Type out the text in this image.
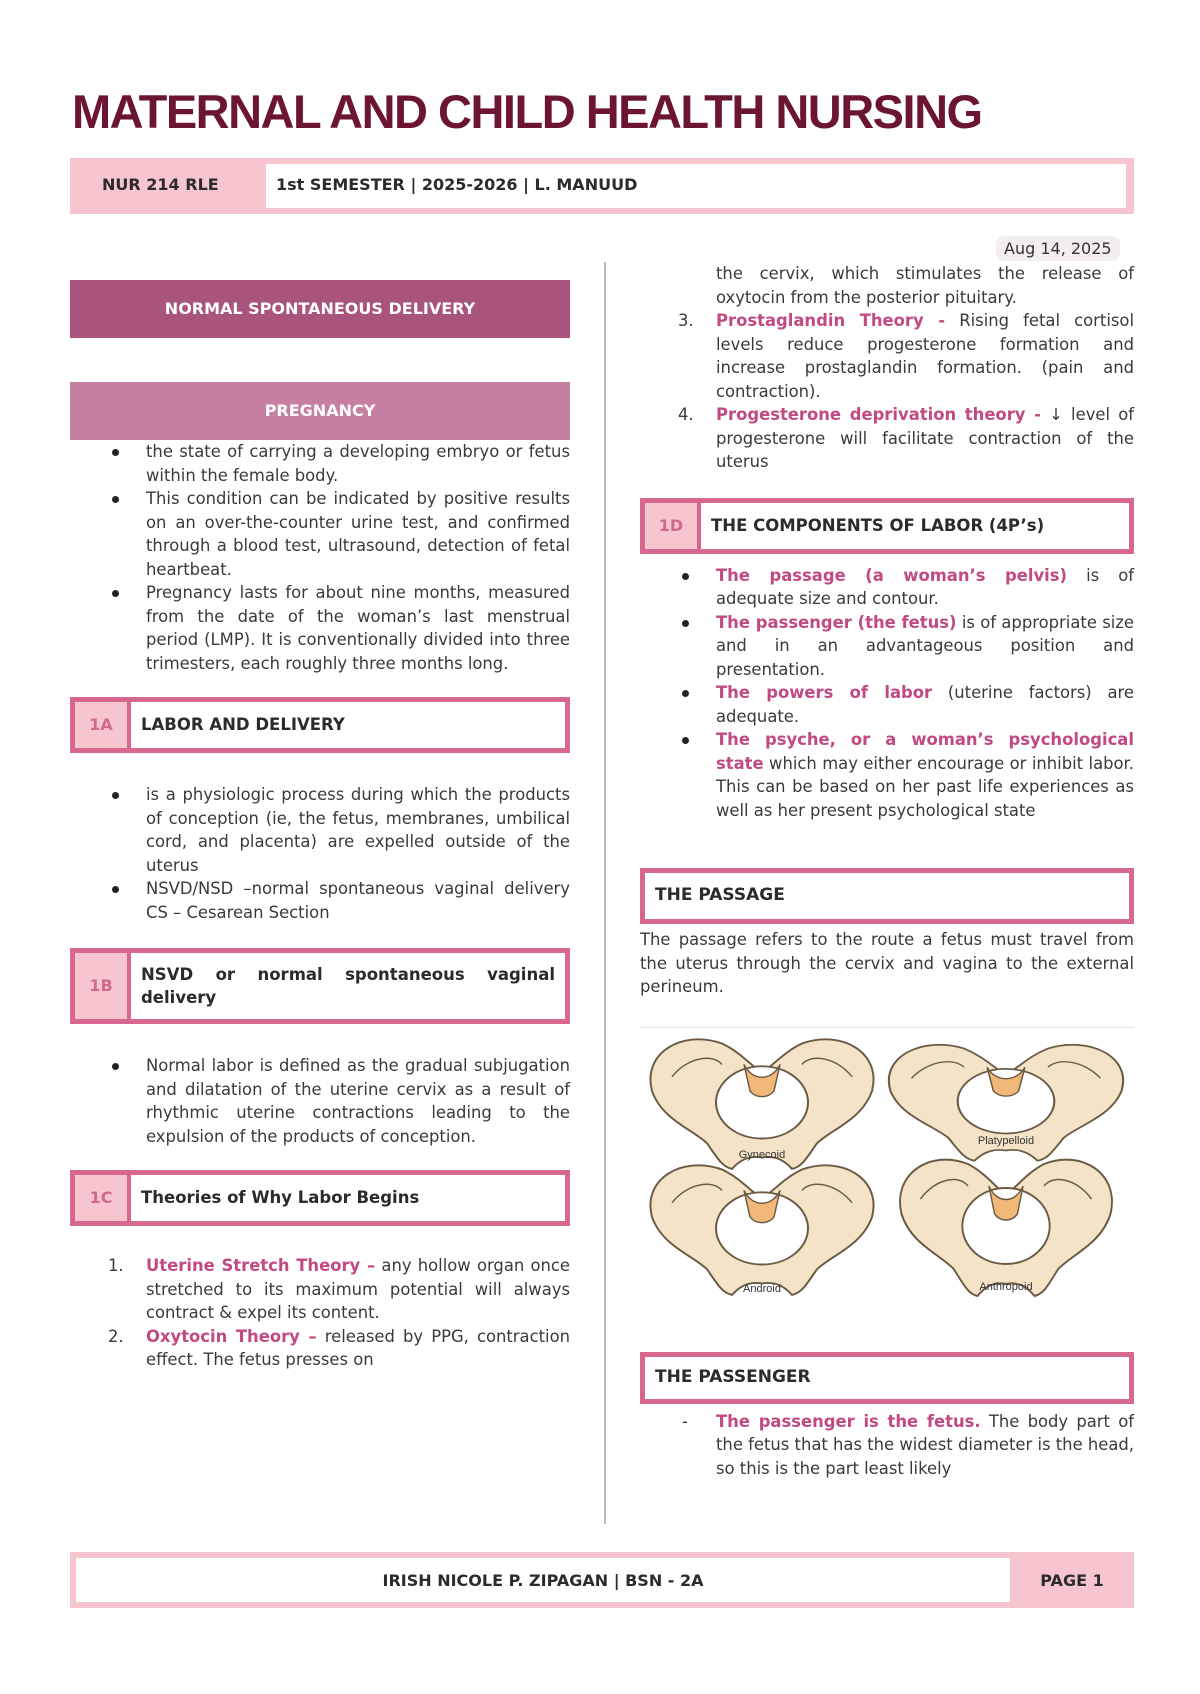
MATERNAL AND CHILD HEALTH NURSING
NUR 214 RLE	1st SEMESTER | 2025-2026 | L. MANUUD
Aug 14, 2025
NORMAL SPONTANEOUS DELIVERY
PREGNANCY
the state of carrying a developing embryo or fetus within the female body.
This condition can be indicated by positive results on an over-the-counter urine test, and confirmed through a blood test, ultrasound, detection of fetal heartbeat.
Pregnancy lasts for about nine months, measured from the date of the woman’s last menstrual period (LMP). It is conventionally divided into three trimesters, each roughly three months long.
1A	LABOR AND DELIVERY
is a physiologic process during which the products of conception (ie, the fetus, membranes, umbilical cord, and placenta) are expelled outside of the uterus
NSVD/NSD –normal spontaneous vaginal delivery CS – Cesarean Section
1B
NSVD or normal spontaneous vaginal delivery
Normal labor is defined as the gradual subjugation and dilatation of the uterine cervix as a result of rhythmic uterine contractions leading to the expulsion of the products of conception.
1C	Theories of Why Labor Begins
1. Uterine Stretch Theory – any hollow organ once stretched to its maximum potential will always contract & expel its content.
2. Oxytocin Theory – released by PPG, contraction effect. The fetus presses on
the cervix, which stimulates the release of oxytocin from the posterior pituitary.
3. Prostaglandin Theory - Rising fetal cortisol levels reduce progesterone formation and increase prostaglandin formation. (pain and contraction).
4. Progesterone deprivation theory - ↓ level of progesterone will facilitate contraction of the uterus
1D	THE COMPONENTS OF LABOR (4P’s)
The passage (a woman’s pelvis) is of adequate size and contour.
The passenger (the fetus) is of appropriate size and in an advantageous position and presentation.
The powers of labor (uterine factors) are adequate.
The psyche, or a woman’s psychological state which may either encourage or inhibit labor. This can be based on her past life experiences as well as her present psychological state
THE PASSAGE
The passage refers to the route a fetus must travel from the uterus through the cervix and vagina to the external perineum.
Gynecoid
Platypelloid
Android	Anthropoid
THE PASSENGER
- The passenger is the fetus. The body part of the fetus that has the widest diameter is the head, so this is the part least likely
IRISH NICOLE P. ZIPAGAN | BSN - 2A	PAGE 1
